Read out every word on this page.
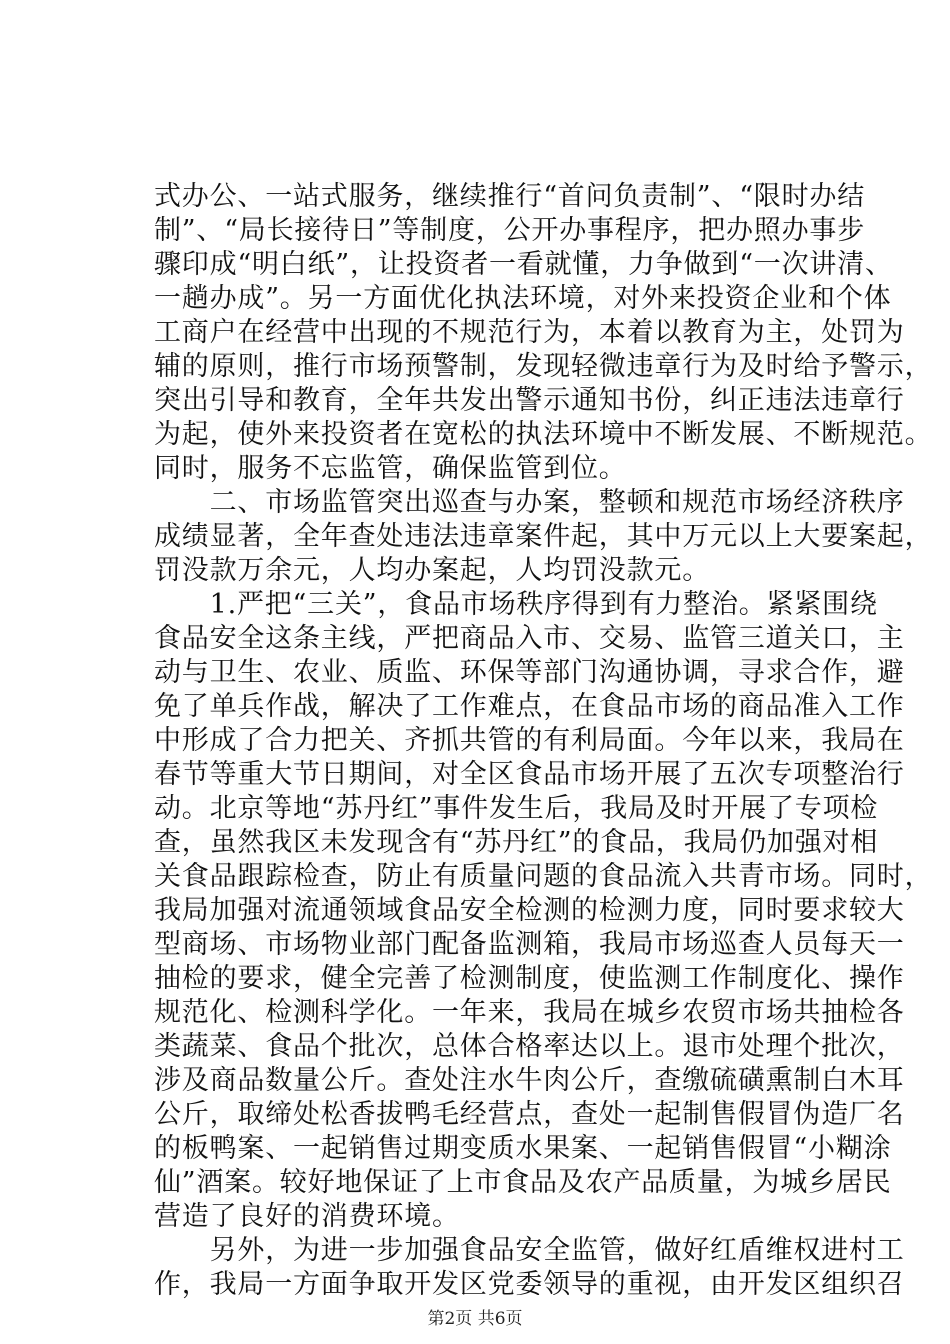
式办公、一站式服务，继续推行“首问负责制”、“限时办结
制”、“局长接待日”等制度，公开办事程序，把办照办事步
骤印成“明白纸”，让投资者一看就懂，力争做到“一次讲清、
一趟办成”。另一方面优化执法环境，对外来投资企业和个体
工商户在经营中出现的不规范行为，本着以教育为主，处罚为
辅的原则，推行市场预警制，发现轻微违章行为及时给予警示，
突出引导和教育，全年共发出警示通知书份，纠正违法违章行
为起，使外来投资者在宽松的执法环境中不断发展、不断规范。
同时，服务不忘监管，确保监管到位。
　　二、市场监管突出巡查与办案，整顿和规范市场经济秩序
成绩显著，全年查处违法违章案件起，其中万元以上大要案起，
罚没款万余元，人均办案起，人均罚没款元。
　　1.严把“三关”，食品市场秩序得到有力整治。紧紧围绕
食品安全这条主线，严把商品入市、交易、监管三道关口，主
动与卫生、农业、质监、环保等部门沟通协调，寻求合作，避
免了单兵作战，解决了工作难点，在食品市场的商品准入工作
中形成了合力把关、齐抓共管的有利局面。今年以来，我局在
春节等重大节日期间，对全区食品市场开展了五次专项整治行
动。北京等地“苏丹红”事件发生后，我局及时开展了专项检
查，虽然我区未发现含有“苏丹红”的食品，我局仍加强对相
关食品跟踪检查，防止有质量问题的食品流入共青市场。同时，
我局加强对流通领域食品安全检测的检测力度，同时要求较大
型商场、市场物业部门配备监测箱，我局市场巡查人员每天一
抽检的要求，健全完善了检测制度，使监测工作制度化、操作
规范化、检测科学化。一年来，我局在城乡农贸市场共抽检各
类蔬菜、食品个批次，总体合格率达以上。退市处理个批次，
涉及商品数量公斤。查处注水牛肉公斤，查缴硫磺熏制白木耳
公斤，取缔处松香拔鸭毛经营点，查处一起制售假冒伪造厂名
的板鸭案、一起销售过期变质水果案、一起销售假冒“小糊涂
仙”酒案。较好地保证了上市食品及农产品质量，为城乡居民
营造了良好的消费环境。
　　另外，为进一步加强食品安全监管，做好红盾维权进村工
作，我局一方面争取开发区党委领导的重视，由开发区组织召
第2页 共6页
